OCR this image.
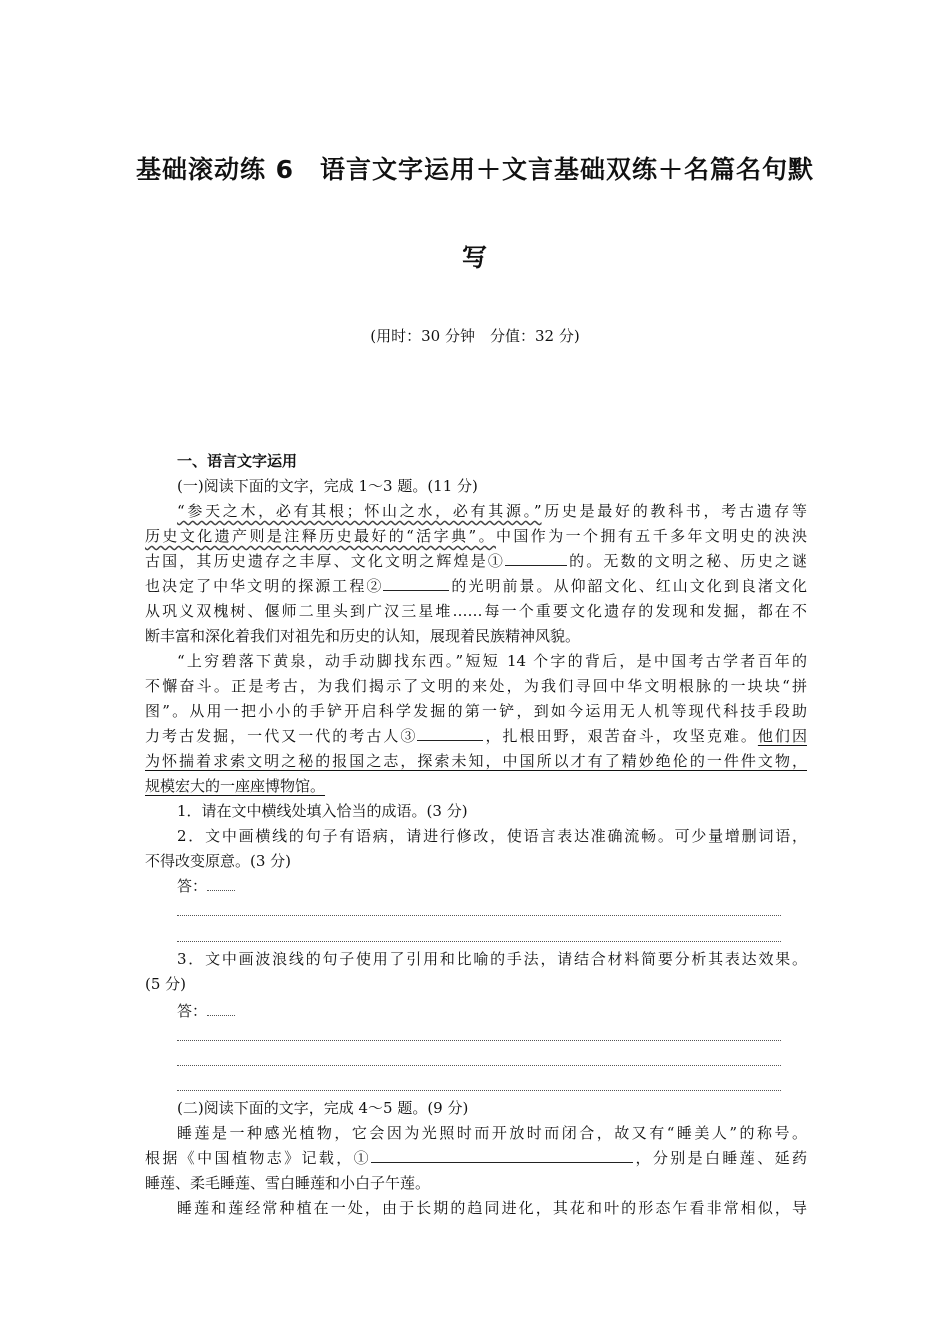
基础滚动练 6　语言文字运用＋文言基础双练＋名篇名句默
写
(用时：30 分钟　分值：32 分)
一、语言文字运用
(一)阅读下面的文字，完成 1～3 题。(11 分)
“参天之木，必有其根；怀山之水，必有其源。”历史是最好的教科书，考古遗存等
历史文化遗产则是注释历史最好的“活字典”。中国作为一个拥有五千多年文明史的泱泱
古国，其历史遗存之丰厚、文化文明之辉煌是①	的。无数的文明之秘、历史之谜
也决定了中华文明的探源工程②	的光明前景。从仰韶文化、红山文化到良渚文化
从巩义双槐树、偃师二里头到广汉三星堆……每一个重要文化遗存的发现和发掘，都在不
断丰富和深化着我们对祖先和历史的认知，展现着民族精神风貌。
“上穷碧落下黄泉，动手动脚找东西。”短短 14 个字的背后，是中国考古学者百年的
不懈奋斗。正是考古，为我们揭示了文明的来处，为我们寻回中华文明根脉的一块块“拼
图”。从用一把小小的手铲开启科学发掘的第一铲，到如今运用无人机等现代科技手段助
力考古发掘，一代又一代的考古人③	，扎根田野，艰苦奋斗，攻坚克难。他们因
为怀揣着求索文明之秘的报国之志，探索未知，中国所以才有了精妙绝伦的一件件文物，
规模宏大的一座座博物馆。
1．请在文中横线处填入恰当的成语。(3 分)
2．文中画横线的句子有语病，请进行修改，使语言表达准确流畅。可少量增删词语，
不得改变原意。(3 分)
答：
3．文中画波浪线的句子使用了引用和比喻的手法，请结合材料简要分析其表达效果。
(5 分)
答：
(二)阅读下面的文字，完成 4～5 题。(9 分)
睡莲是一种感光植物，它会因为光照时而开放时而闭合，故又有“睡美人”的称号。
根据《中国植物志》记载，①	，分别是白睡莲、延药
睡莲、柔毛睡莲、雪白睡莲和小白子午莲。
睡莲和莲经常种植在一处，由于长期的趋同进化，其花和叶的形态乍看非常相似，导
